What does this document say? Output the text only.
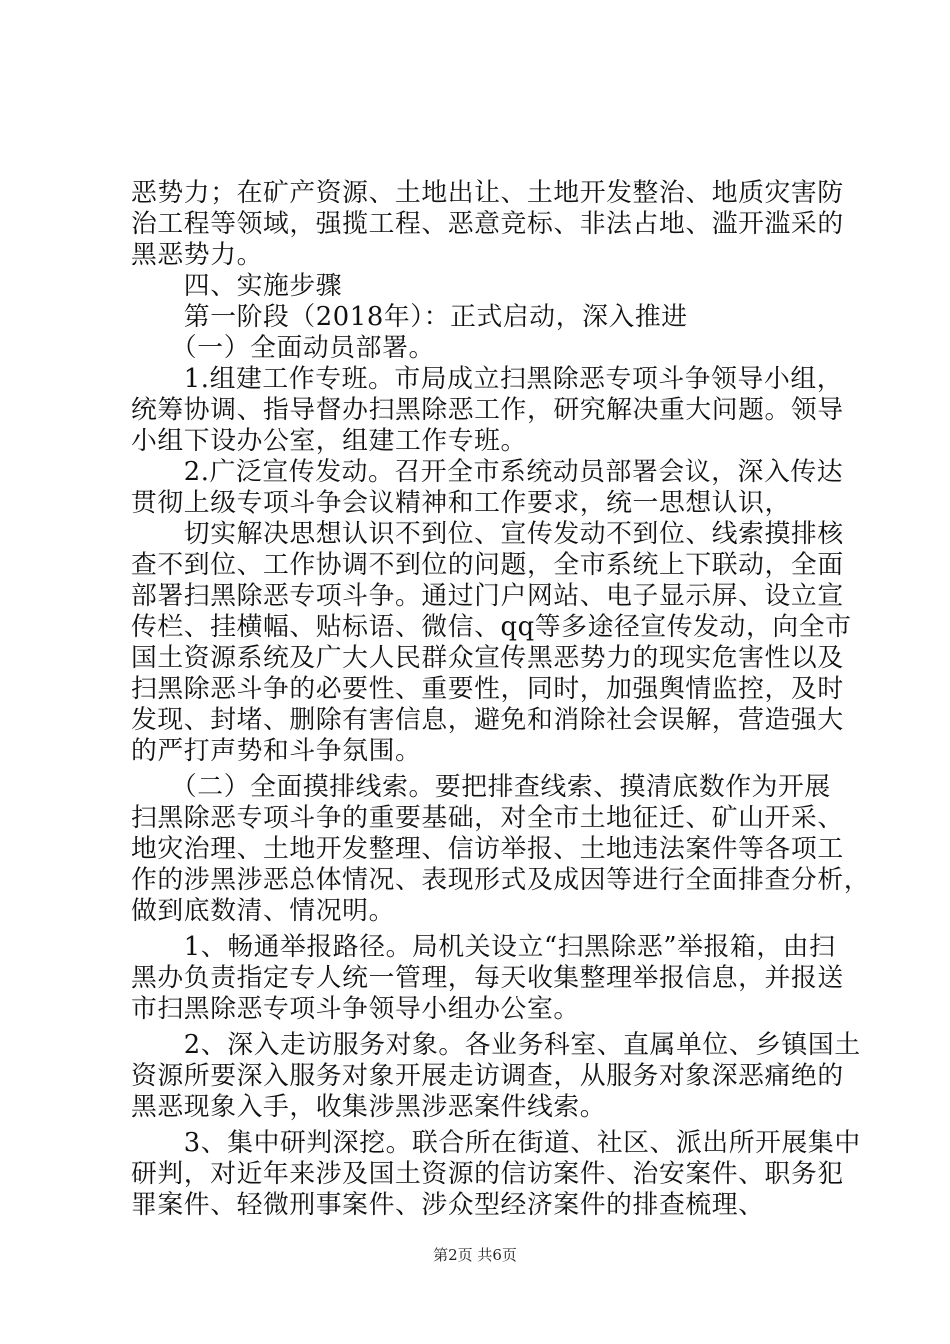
恶势力；在矿产资源、土地出让、土地开发整治、地质灾害防
治工程等领域，强揽工程、恶意竞标、非法占地、滥开滥采的
黑恶势力。
　　四、实施步骤
　　第一阶段（2018年）：正式启动，深入推进
　　（一）全面动员部署。
　　1.组建工作专班。市局成立扫黑除恶专项斗争领导小组，
统筹协调、指导督办扫黑除恶工作，研究解决重大问题。领导
小组下设办公室，组建工作专班。
　　2.广泛宣传发动。召开全市系统动员部署会议，深入传达
贯彻上级专项斗争会议精神和工作要求，统一思想认识，
　　切实解决思想认识不到位、宣传发动不到位、线索摸排核
查不到位、工作协调不到位的问题，全市系统上下联动，全面
部署扫黑除恶专项斗争。通过门户网站、电子显示屏、设立宣
传栏、挂横幅、贴标语、微信、qq等多途径宣传发动，向全市
国土资源系统及广大人民群众宣传黑恶势力的现实危害性以及
扫黑除恶斗争的必要性、重要性，同时，加强舆情监控，及时
发现、封堵、删除有害信息，避免和消除社会误解，营造强大
的严打声势和斗争氛围。
　　（二）全面摸排线索。要把排查线索、摸清底数作为开展
扫黑除恶专项斗争的重要基础，对全市土地征迁、矿山开采、
地灾治理、土地开发整理、信访举报、土地违法案件等各项工
作的涉黑涉恶总体情况、表现形式及成因等进行全面排查分析，
做到底数清、情况明。
　　1、畅通举报路径。局机关设立“扫黑除恶”举报箱，由扫
黑办负责指定专人统一管理，每天收集整理举报信息，并报送
市扫黑除恶专项斗争领导小组办公室。
　　2、深入走访服务对象。各业务科室、直属单位、乡镇国土
资源所要深入服务对象开展走访调查，从服务对象深恶痛绝的
黑恶现象入手，收集涉黑涉恶案件线索。
　　3、集中研判深挖。联合所在街道、社区、派出所开展集中
研判，对近年来涉及国土资源的信访案件、治安案件、职务犯
罪案件、轻微刑事案件、涉众型经济案件的排查梳理、
第2页 共6页
